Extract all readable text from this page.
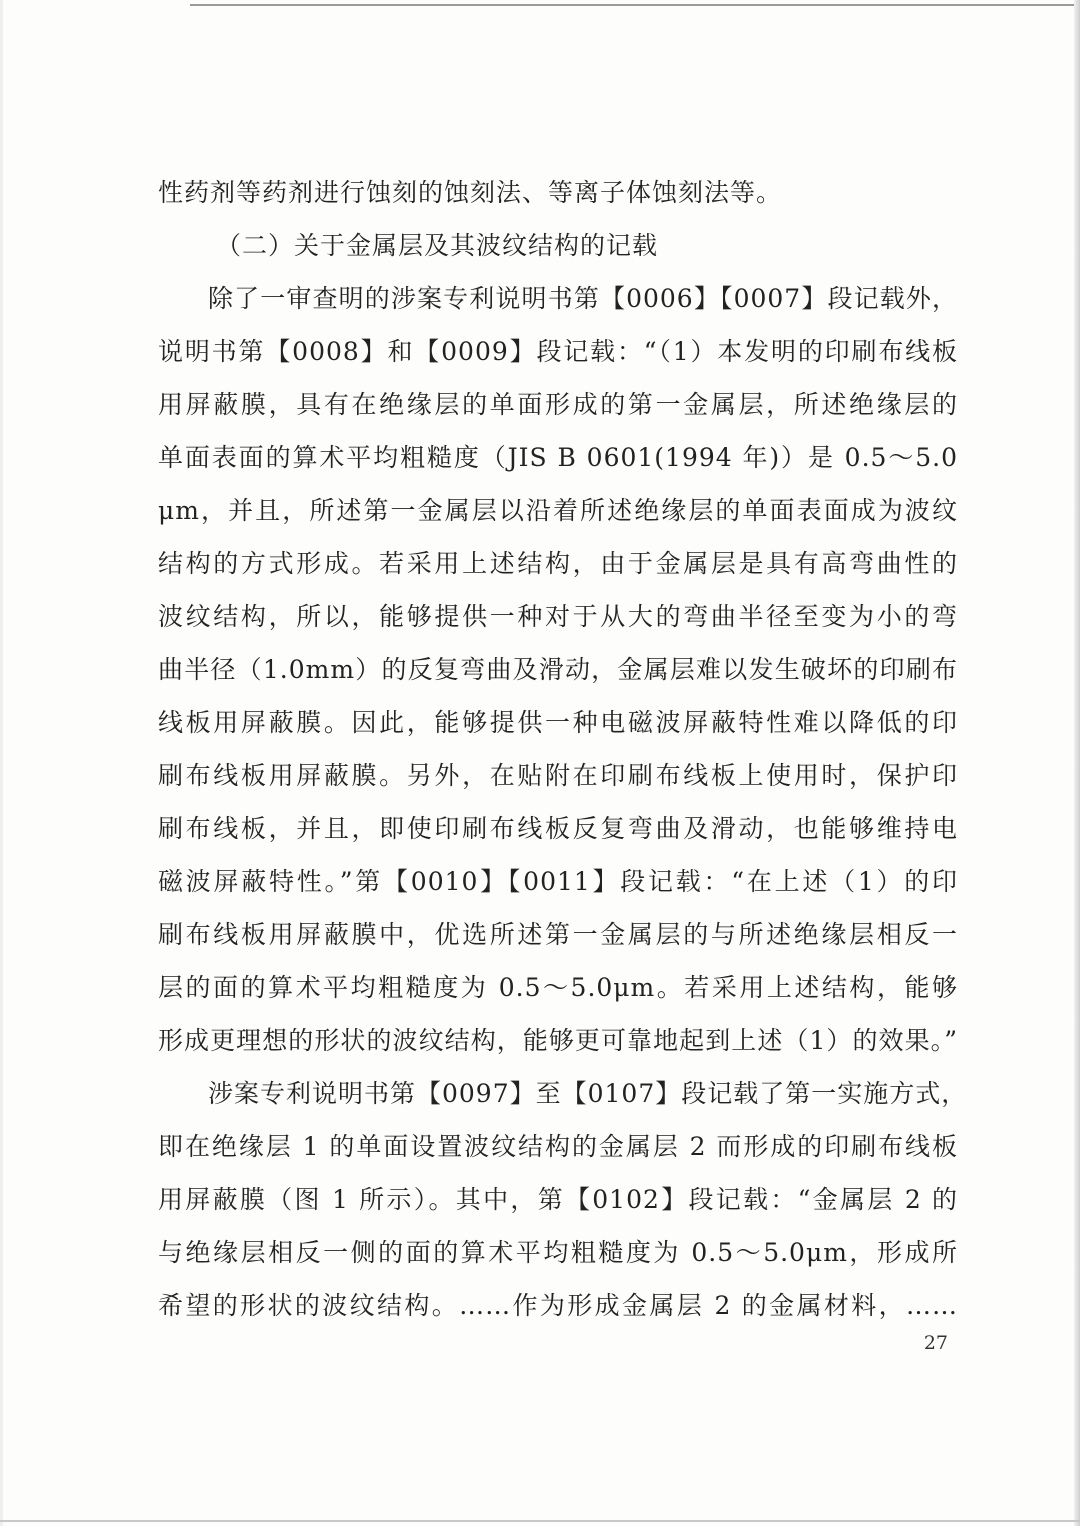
性药剂等药剂进行蚀刻的蚀刻法、等离子体蚀刻法等。
（二）关于金属层及其波纹结构的记载
除了一审查明的涉案专利说明书第【0006】【0007】段记载外，
说明书第【0008】和【0009】段记载：“（1）本发明的印刷布线板
用屏蔽膜，具有在绝缘层的单面形成的第一金属层，所述绝缘层的
单面表面的算术平均粗糙度（JIS B 0601(1994 年)）是 0.5～5.0
μm，并且，所述第一金属层以沿着所述绝缘层的单面表面成为波纹
结构的方式形成。若采用上述结构，由于金属层是具有高弯曲性的
波纹结构，所以，能够提供一种对于从大的弯曲半径至变为小的弯
曲半径（1.0mm）的反复弯曲及滑动，金属层难以发生破坏的印刷布
线板用屏蔽膜。因此，能够提供一种电磁波屏蔽特性难以降低的印
刷布线板用屏蔽膜。另外，在贴附在印刷布线板上使用时，保护印
刷布线板，并且，即使印刷布线板反复弯曲及滑动，也能够维持电
磁波屏蔽特性。”第【0010】【0011】段记载：“在上述（1）的印
刷布线板用屏蔽膜中，优选所述第一金属层的与所述绝缘层相反一
层的面的算术平均粗糙度为 0.5～5.0μm。若采用上述结构，能够
形成更理想的形状的波纹结构，能够更可靠地起到上述（1）的效果。”
涉案专利说明书第【0097】至【0107】段记载了第一实施方式，
即在绝缘层 1 的单面设置波纹结构的金属层 2 而形成的印刷布线板
用屏蔽膜（图 1 所示）。其中，第【0102】段记载：“金属层 2 的
与绝缘层相反一侧的面的算术平均粗糙度为 0.5～5.0μm，形成所
希望的形状的波纹结构。……作为形成金属层 2 的金属材料，……
27
